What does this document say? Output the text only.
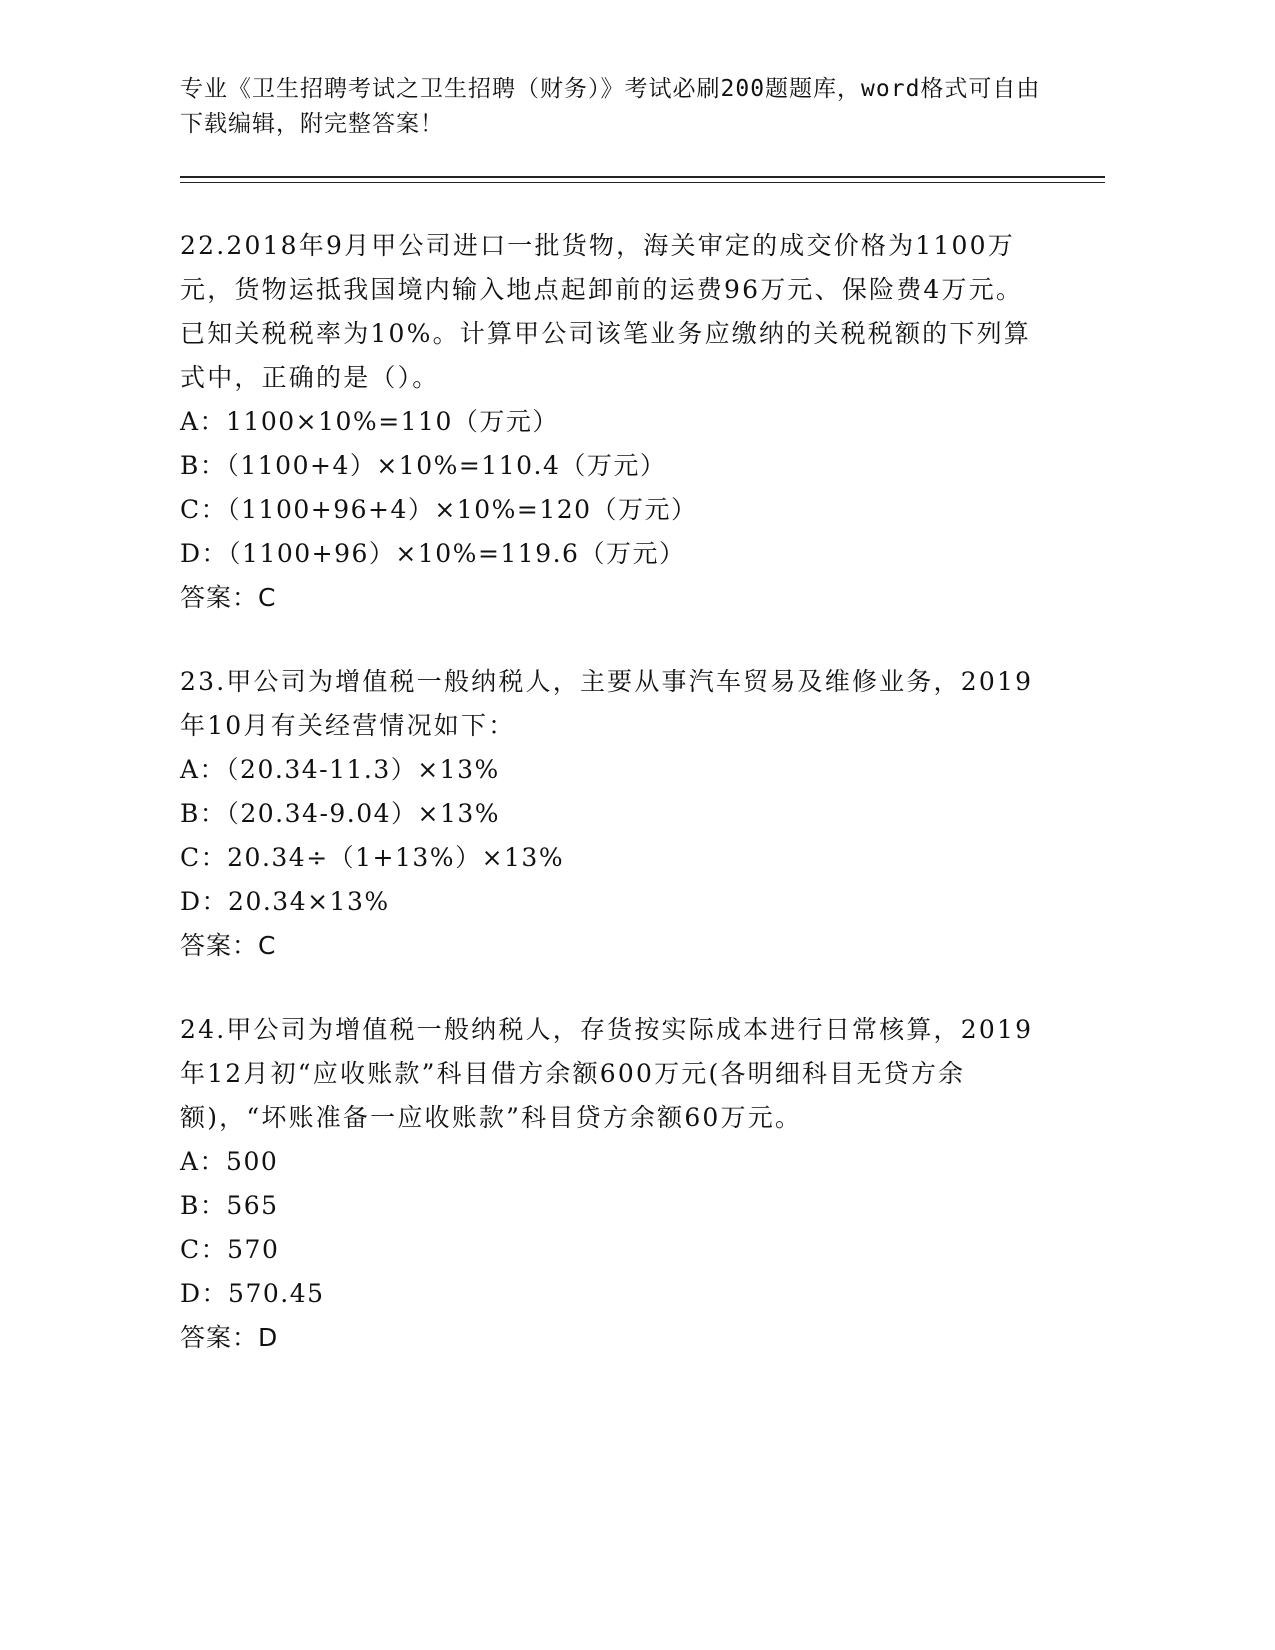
专业《卫生招聘考试之卫生招聘（财务）》考试必刷200题题库，word格式可自由下载编辑，附完整答案！

22.2018年9月甲公司进口一批货物，海关审定的成交价格为1100万元，货物运抵我国境内输入地点起卸前的运费96万元、保险费4万元。已知关税税率为10%。计算甲公司该笔业务应缴纳的关税税额的下列算式中，正确的是（）。

A：1100×10%=110（万元）

B：（1100+4）×10%=110.4（万元）

C：（1100+96+4）×10%=120（万元）

D：（1100+96）×10%=119.6（万元）

答案：C

23.甲公司为增值税一般纳税人，主要从事汽车贸易及维修业务，2019年10月有关经营情况如下：

A：（20.34-11.3）×13%

B：（20.34-9.04）×13%

C：20.34÷（1+13%）×13%

D：20.34×13%

答案：C

24.甲公司为增值税一般纳税人，存货按实际成本进行日常核算，2019年12月初“应收账款”科目借方余额600万元(各明细科目无贷方余额)，“坏账准备一应收账款”科目贷方余额60万元。

A：500

B：565

C：570

D：570.45

答案：D
